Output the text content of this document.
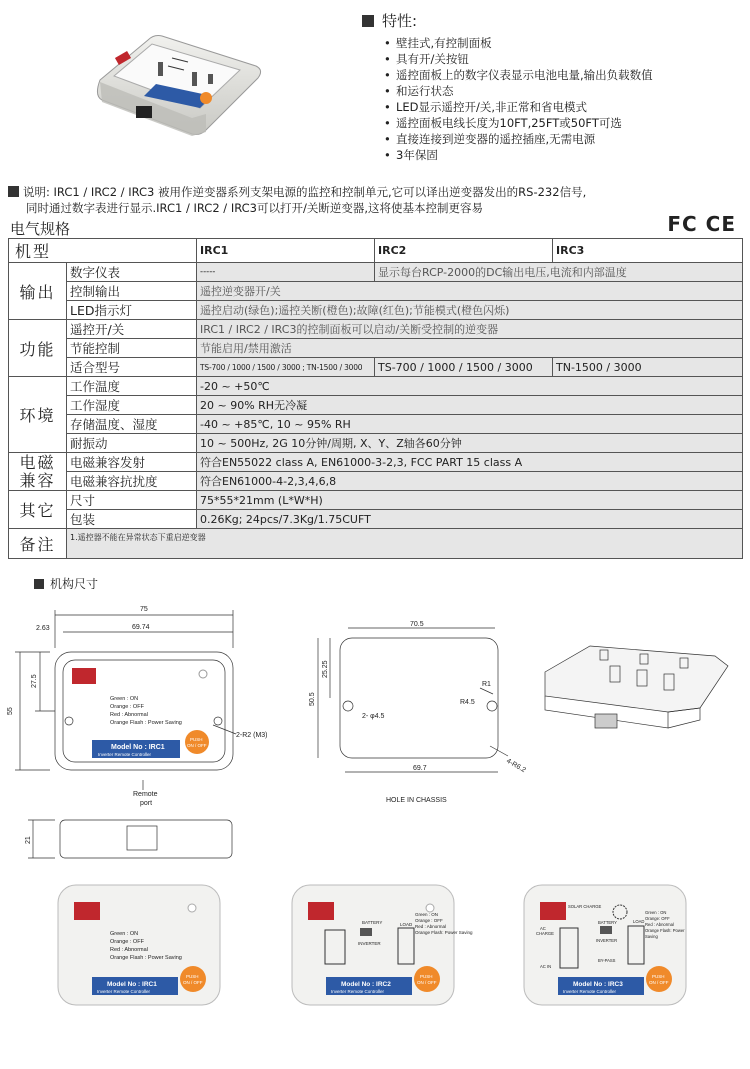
特性:
• 壁挂式,有控制面板
• 具有开/关按钮
• 遥控面板上的数字仪表显示电池电量,输出负载数值
• 和运行状态
• LED显示遥控开/关,非正常和省电模式
• 遥控面板电线长度为10FT,25FT或50FT可选
• 直接连接到逆变器的遥控插座,无需电源
• 3年保固
说明: IRC1 / IRC2 / IRC3 被用作逆变器系列支架电源的监控和控制单元,它可以译出逆变器发出的RS-232信号,
同时通过数字表进行显示.IRC1 / IRC2 / IRC3可以打开/关断逆变器,这将使基本控制更容易
电气规格	FC CE
机型		IRC1	IRC2	IRC3
输出	数字仪表	-----	显示每台RCP-2000的DC输出电压,电流和内部温度	
	控制输出	遥控逆变器开/关		
	LED指示灯	遥控启动(绿色);遥控关断(橙色);故障(红色);节能模式(橙色闪烁)		
功能	遥控开/关	IRC1 / IRC2 / IRC3的控制面板可以启动/关断受控制的逆变器		
	节能控制	节能启用/禁用激活		
	适合型号	TS-700 / 1000 / 1500 / 3000 ; TN-1500 / 3000	TS-700 / 1000 / 1500 / 3000	TN-1500 / 3000
环境	工作温度	-20 ~ +50℃		
	工作湿度	20 ~ 90% RH无冷凝		
	存储温度、湿度	-40 ~ +85℃, 10 ~ 95% RH		
	耐振动	10 ~ 500Hz, 2G 10分钟/周期, X、Y、Z轴各60分钟		
电磁兼容	电磁兼容发射	符合EN55022 class A, EN61000-3-2,3, FCC PART 15 class A		
	电磁兼容抗扰度	符合EN61000-4-2,3,4,6,8		
其它	尺寸	75*55*21mm (L*W*H)		
	包装	0.26Kg; 24pcs/7.3Kg/1.75CUFT		
备注	1.遥控器不能在异常状态下重启逆变器			
机构尺寸
75
2.63	69.74
55
27.5
2-R2 (M3)
Remote
port
21
70.5
69.7
50.5
25.25
R1
R4.5
2- φ4.5
4-R6.2
HOLE IN CHASSIS
Green : ON
Orange : OFF
Red : Abnormal
Orange Flash : Power Saving
Model No : IRC1
Inverter Remote Controller
PUSH
ON / OFF
Green : ON
Orange : OFF
Red : Abnormal
Orange Flash : Power Saving
Model No : IRC1
Inverter Remote Controller
PUSH
ON / OFF
BATTERY
INVERTER
LOAD
Green : ON
Orange : OFF
Red : Abnormal
Orange Flash: Power Saving
Model No : IRC2
Inverter Remote Controller
PUSH
ON / OFF
SOLAR CHARGE
BATTERY
INVERTER
AC
CHARGE
AC IN
BY-PASS
LOAD
Green : ON
Orange: OFF
Red : Abnormal
Orange Flash: Power
Saving
Model No : IRC3
Inverter Remote Controller
PUSH
ON / OFF
